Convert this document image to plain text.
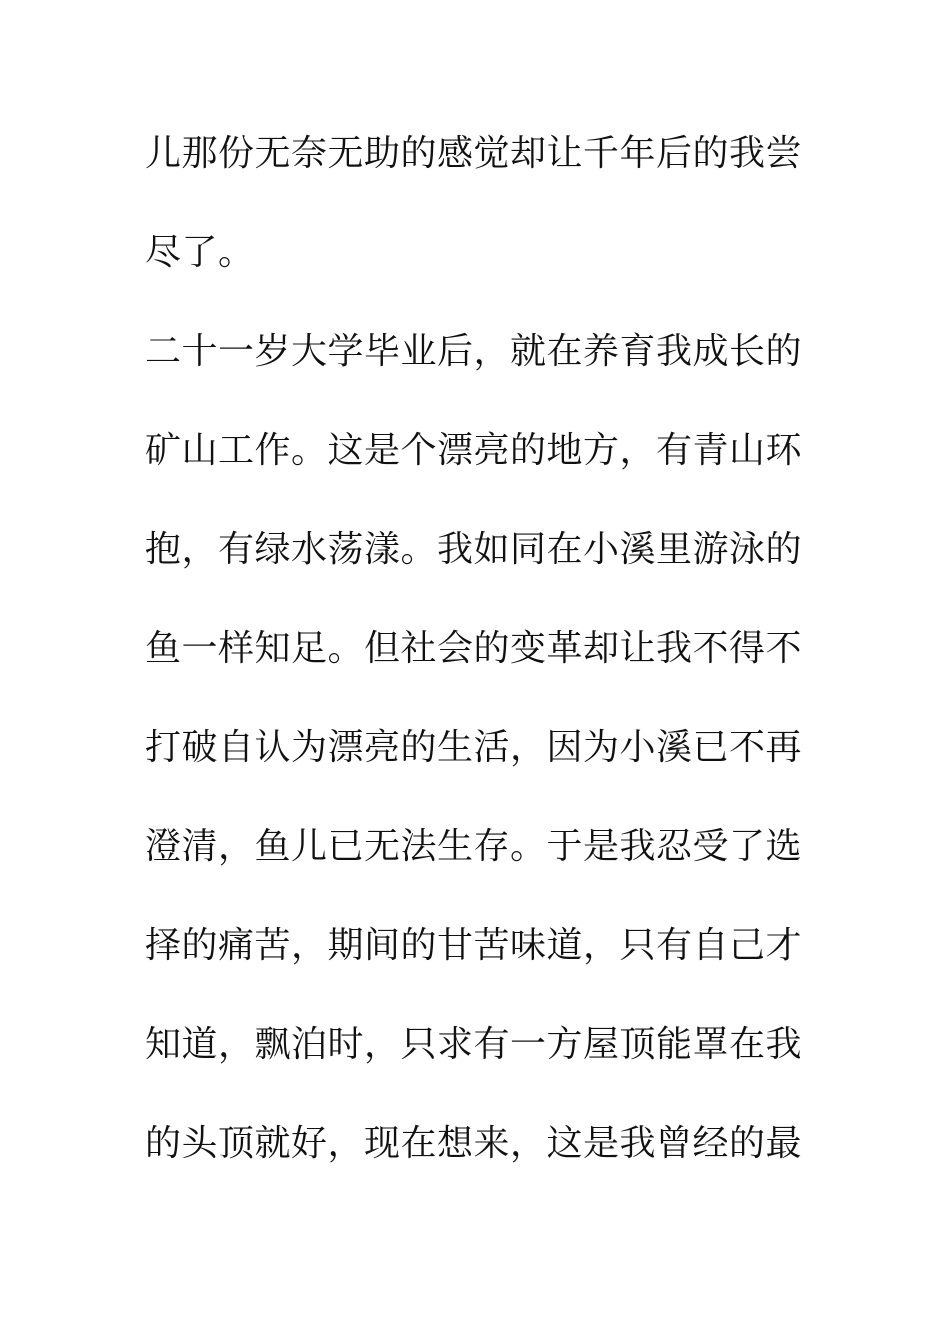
儿那份无奈无助的感觉却让千年后的我尝
尽了。
二十一岁大学毕业后，就在养育我成长的
矿山工作。这是个漂亮的地方，有青山环
抱，有绿水荡漾。我如同在小溪里游泳的
鱼一样知足。但社会的变革却让我不得不
打破自认为漂亮的生活，因为小溪已不再
澄清，鱼儿已无法生存。于是我忍受了选
择的痛苦，期间的甘苦味道，只有自己才
知道，飘泊时，只求有一方屋顶能罩在我
的头顶就好，现在想来，这是我曾经的最
